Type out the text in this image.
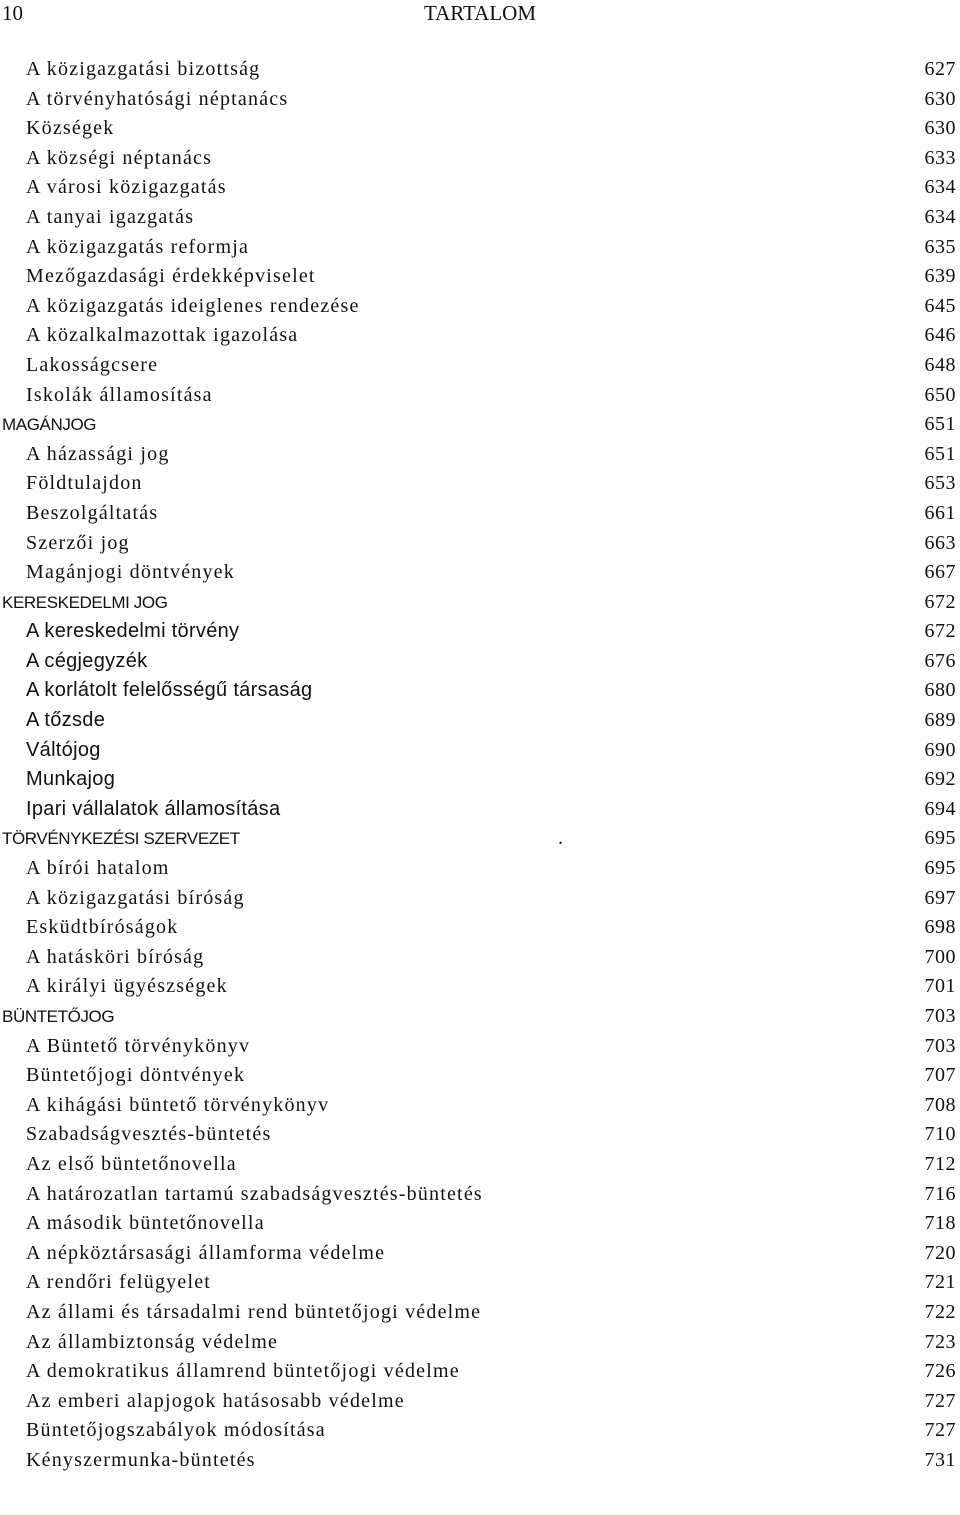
10	TARTALOM
A közigazgatási bizottság	627
A törvényhatósági néptanács	630
Községek	630
A községi néptanács	633
A városi közigazgatás	634
A tanyai igazgatás	634
A közigazgatás reformja	635
Mezőgazdasági érdekképviselet	639
A közigazgatás ideiglenes rendezése	645
A közalkalmazottak igazolása	646
Lakosságcsere	648
Iskolák államosítása	650
MAGÁNJOG	651
A házassági jog	651
Földtulajdon	653
Beszolgáltatás	661
Szerzői jog	663
Magánjogi döntvények	667
KERESKEDELMI JOG	672
A kereskedelmi törvény	672
A cégjegyzék	676
A korlátolt felelősségű társaság	680
A tőzsde	689
Váltójog	690
Munkajog	692
Ipari vállalatok államosítása	694
TÖRVÉNYKEZÉSI SZERVEZET	.	695
A bírói hatalom	695
A közigazgatási bíróság	697
Esküdtbíróságok	698
A hatásköri bíróság	700
A királyi ügyészségek	701
BÜNTETŐJOG	703
A Büntető törvénykönyv	703
Büntetőjogi döntvények	707
A kihágási büntető törvénykönyv	708
Szabadságvesztés-büntetés	710
Az első büntetőnovella	712
A határozatlan tartamú szabadságvesztés-büntetés	716
A második büntetőnovella	718
A népköztársasági államforma védelme	720
A rendőri felügyelet	721
Az állami és társadalmi rend büntetőjogi védelme	722
Az állambiztonság védelme	723
A demokratikus államrend büntetőjogi védelme	726
Az emberi alapjogok hatásosabb védelme	727
Büntetőjogszabályok módosítása	727
Kényszermunka-büntetés	731
